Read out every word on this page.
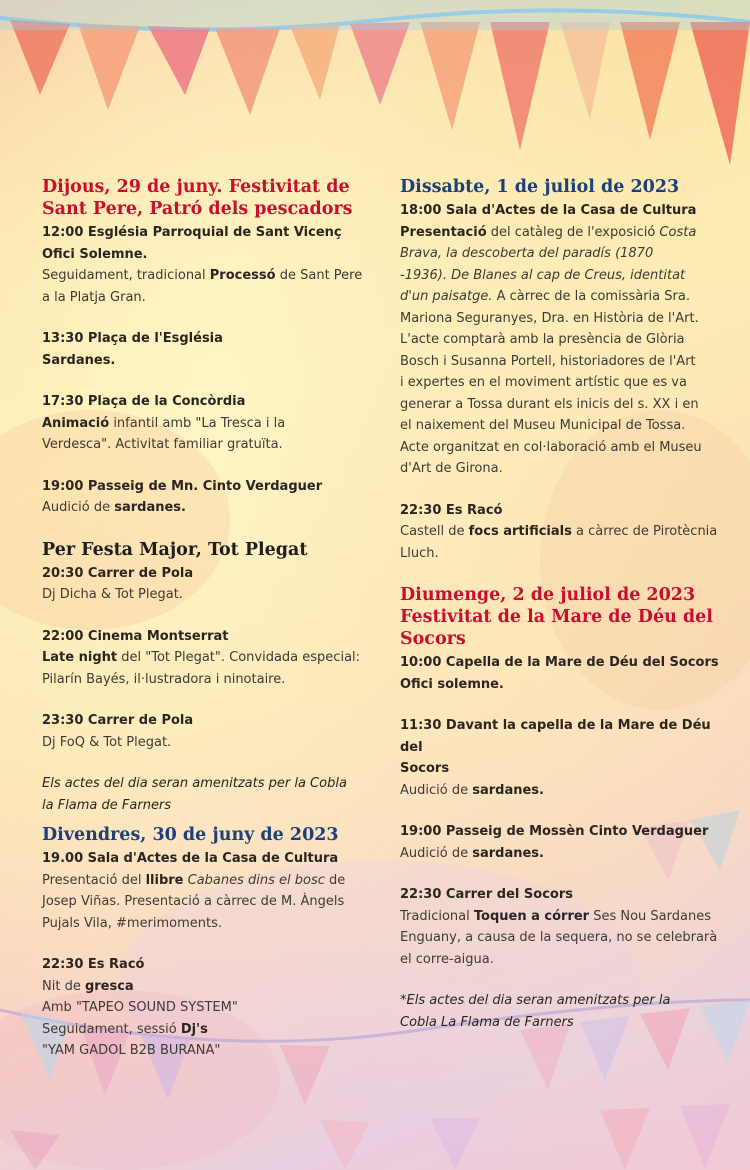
Dijous, 29 de juny. Festivitat de
Sant Pere, Patró dels pescadors

12:00 Església Parroquial de Sant Vicenç

Ofici Solemne.

Seguidament, tradicional Processó de Sant Pere

a la Platja Gran.

13:30 Plaça de l'Església

Sardanes.

17:30 Plaça de la Concòrdia

Animació infantil amb "La Tresca i la

Verdesca". Activitat familiar gratuïta.

19:00 Passeig de Mn. Cinto Verdaguer

Audició de sardanes.

Per Festa Major, Tot Plegat

20:30 Carrer de Pola

Dj Dicha & Tot Plegat.

22:00 Cinema Montserrat

Late night del "Tot Plegat". Convidada especial:

Pilarín Bayés, il·lustradora i ninotaire.

23:30 Carrer de Pola

Dj FoQ & Tot Plegat.

Els actes del dia seran amenitzats per la Cobla
la Flama de Farners

Divendres, 30 de juny de 2023

19.00 Sala d'Actes de la Casa de Cultura

Presentació del llibre Cabanes dins el bosc de

Josep Viñas. Presentació a càrrec de M. Àngels

Pujals Vila, #merimoments.

22:30 Es Racó

Nit de gresca

Amb "TAPEO SOUND SYSTEM"

Seguidament, sessió Dj's

"YAM GADOL B2B BURANA"

Dissabte, 1 de juliol de 2023

18:00 Sala d'Actes de la Casa de Cultura

Presentació del catàleg de l'exposició Costa

Brava, la descoberta del paradís (1870

-1936). De Blanes al cap de Creus, identitat

d'un paisatge. A càrrec de la comissària Sra.

Mariona Seguranyes, Dra. en Història de l'Art.

L'acte comptarà amb la presència de Glòria

Bosch i Susanna Portell, historiadores de l'Art

i expertes en el moviment artístic que es va

generar a Tossa durant els inicis del s. XX i en

el naixement del Museu Municipal de Tossa.

Acte organitzat en col·laboració amb el Museu

d'Art de Girona.

22:30 Es Racó

Castell de focs artificials a càrrec de Pirotècnia

Lluch.

Diumenge, 2 de juliol de 2023
Festivitat de la Mare de Déu del
Socors

10:00 Capella de la Mare de Déu del Socors

Ofici solemne.

11:30 Davant la capella de la Mare de Déu del

Socors

Audició de sardanes.

19:00 Passeig de Mossèn Cinto Verdaguer

Audició de sardanes.

22:30 Carrer del Socors

Tradicional Toquen a córrer Ses Nou Sardanes

Enguany, a causa de la sequera, no se celebrarà

el corre-aigua.

*Els actes del dia seran amenitzats per la
Cobla La Flama de Farners
